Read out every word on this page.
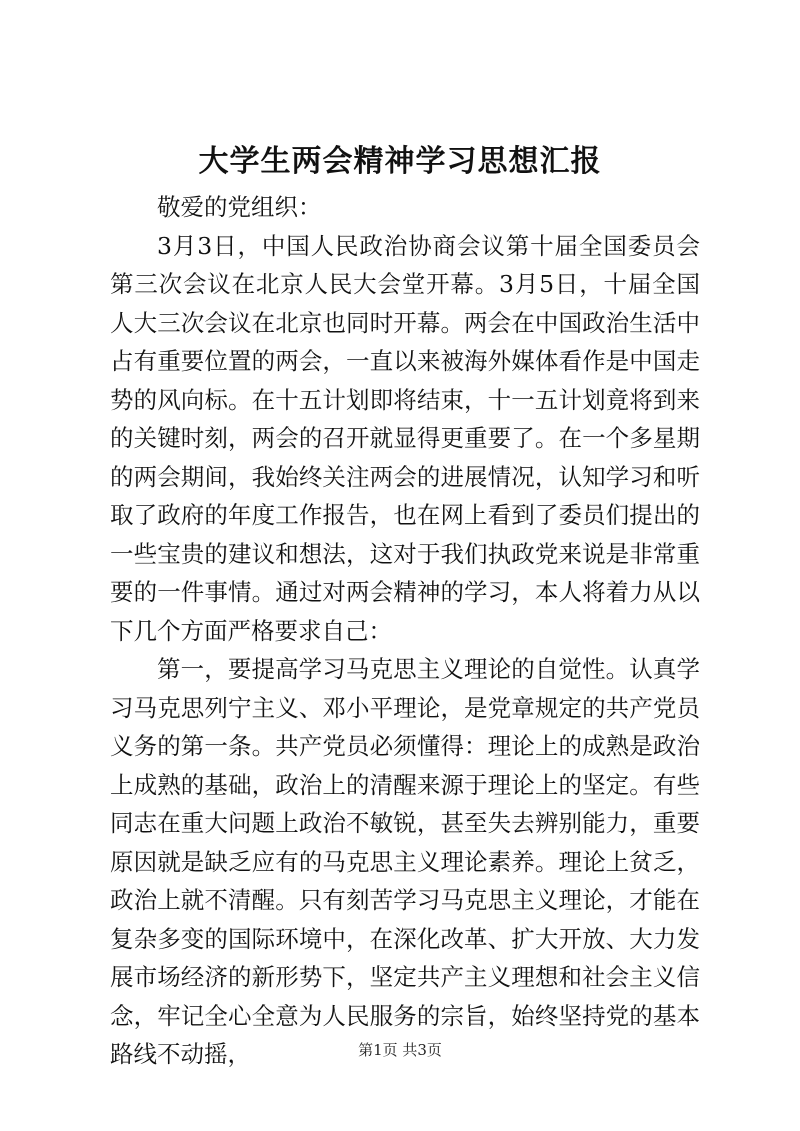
大学生两会精神学习思想汇报

敬爱的党组织：

3月3日，中国人民政治协商会议第十届全国委员会第三次会议在北京人民大会堂开幕。3月5日，十届全国人大三次会议在北京也同时开幕。两会在中国政治生活中占有重要位置的两会，一直以来被海外媒体看作是中国走势的风向标。在十五计划即将结束，十一五计划竟将到来的关键时刻，两会的召开就显得更重要了。在一个多星期的两会期间，我始终关注两会的进展情况，认知学习和听取了政府的年度工作报告，也在网上看到了委员们提出的一些宝贵的建议和想法，这对于我们执政党来说是非常重要的一件事情。通过对两会精神的学习，本人将着力从以下几个方面严格要求自己：

第一，要提高学习马克思主义理论的自觉性。认真学习马克思列宁主义、邓小平理论，是党章规定的共产党员义务的第一条。共产党员必须懂得：理论上的成熟是政治上成熟的基础，政治上的清醒来源于理论上的坚定。有些同志在重大问题上政治不敏锐，甚至失去辨别能力，重要原因就是缺乏应有的马克思主义理论素养。理论上贫乏，政治上就不清醒。只有刻苦学习马克思主义理论，才能在复杂多变的国际环境中，在深化改革、扩大开放、大力发展市场经济的新形势下，坚定共产主义理想和社会主义信念，牢记全心全意为人民服务的宗旨，始终坚持党的基本路线不动摇，	第1页 共3页
